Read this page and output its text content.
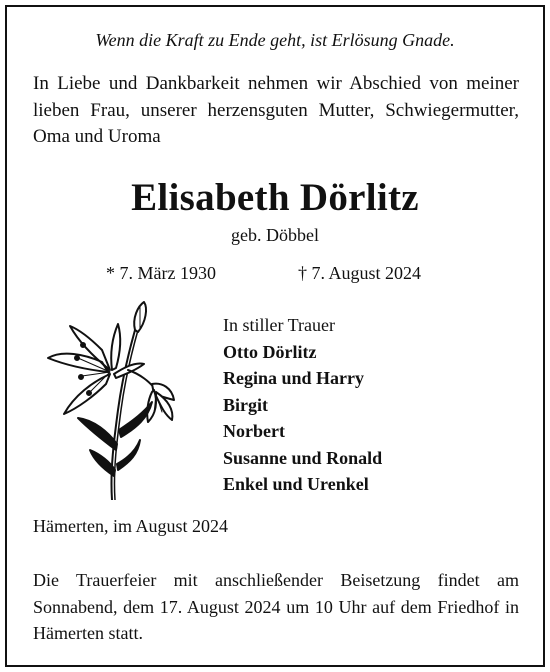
Wenn die Kraft zu Ende geht, ist Erlösung Gnade.
In Liebe und Dankbarkeit nehmen wir Abschied von meiner lieben Frau, unserer herzensguten Mutter, Schwiegermutter, Oma und Uroma
Elisabeth Dörlitz
geb. Döbbel
* 7. März 1930	† 7. August 2024
In stiller Trauer
Otto Dörlitz
Regina und Harry
Birgit
Norbert
Susanne und Ronald
Enkel und Urenkel
Hämerten, im August 2024
Die Trauerfeier mit anschließender Beisetzung findet am Sonnabend, dem 17. August 2024 um 10 Uhr auf dem Friedhof in Hämerten statt.
